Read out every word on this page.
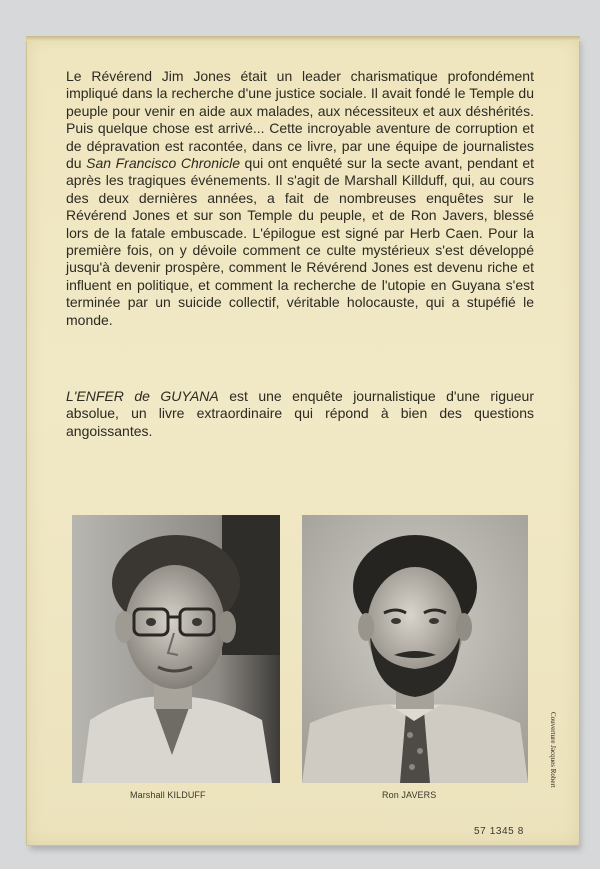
Le Révérend Jim Jones était un leader charismatique profondément impliqué dans la recherche d'une justice sociale. Il avait fondé le Temple du peuple pour venir en aide aux malades, aux nécessiteux et aux déshérités. Puis quelque chose est arrivé... Cette incroyable aventure de corruption et de dépravation est racontée, dans ce livre, par une équipe de journalistes du San Francisco Chronicle qui ont enquêté sur la secte avant, pendant et après les tragiques événements. Il s'agit de Marshall Killduff, qui, au cours des deux dernières années, a fait de nombreuses enquêtes sur le Révérend Jones et sur son Temple du peuple, et de Ron Javers, blessé lors de la fatale embuscade. L'épilogue est signé par Herb Caen. Pour la première fois, on y dévoile comment ce culte mystérieux s'est développé jusqu'à devenir prospère, comment le Révérend Jones est devenu riche et influent en politique, et comment la recherche de l'utopie en Guyana s'est terminée par un suicide collectif, véritable holocauste, qui a stupéfié le monde.

L'ENFER de GUYANA est une enquête journalistique d'une rigueur absolue, un livre extraordinaire qui répond à bien des questions angoissantes.

Marshall KILDUFF	Ron JAVERS
57 1345 8
Couverture Jacques Robert
